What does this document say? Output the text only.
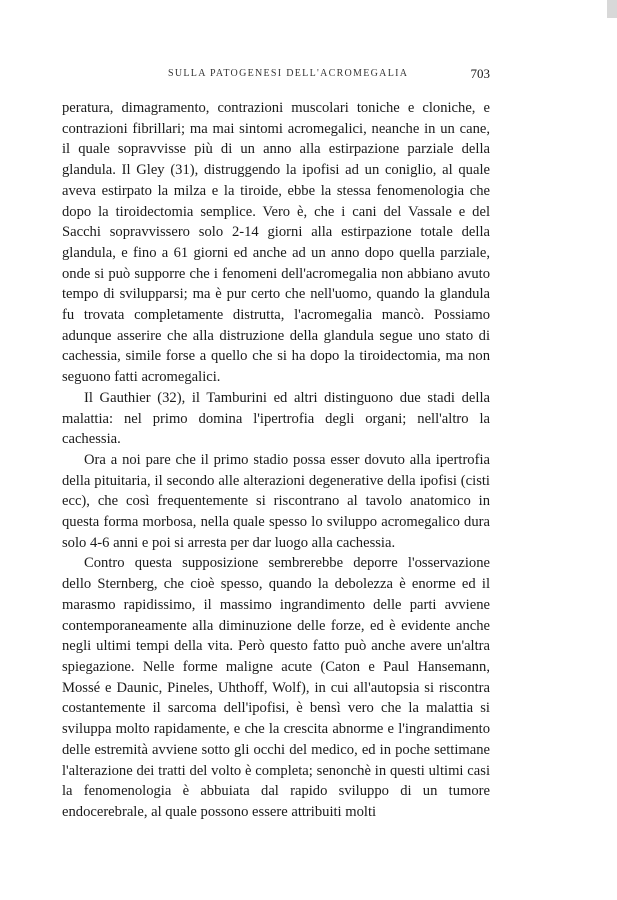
SULLA PATOGENESI DELL'ACROMEGALIA	703

peratura, dimagramento, contrazioni muscolari toniche e cloniche, e contrazioni fibrillari; ma mai sintomi acromegalici, neanche in un cane, il quale sopravvisse più di un anno alla estirpazione parziale della glandula. Il Gley (31), distruggendo la ipofisi ad un coniglio, al quale aveva estirpato la milza e la tiroide, ebbe la stessa fenomenologia che dopo la tiroidectomia semplice. Vero è, che i cani del Vassale e del Sacchi sopravvissero solo 2-14 giorni alla estirpazione totale della glandula, e fino a 61 giorni ed anche ad un anno dopo quella parziale, onde si può supporre che i fenomeni dell'acromegalia non abbiano avuto tempo di svilupparsi; ma è pur certo che nell'uomo, quando la glandula fu trovata completamente distrutta, l'acromegalia mancò. Possiamo adunque asserire che alla distruzione della glandula segue uno stato di cachessia, simile forse a quello che si ha dopo la tiroidectomia, ma non seguono fatti acromegalici.

Il Gauthier (32), il Tamburini ed altri distinguono due stadi della malattia: nel primo domina l'ipertrofia degli organi; nell'altro la cachessia.

Ora a noi pare che il primo stadio possa esser dovuto alla ipertrofia della pituitaria, il secondo alle alterazioni degenerative della ipofisi (cisti ecc), che così frequentemente si riscontrano al tavolo anatomico in questa forma morbosa, nella quale spesso lo sviluppo acromegalico dura solo 4-6 anni e poi si arresta per dar luogo alla cachessia.

Contro questa supposizione sembrerebbe deporre l'osservazione dello Sternberg, che cioè spesso, quando la debolezza è enorme ed il marasmo rapidissimo, il massimo ingrandimento delle parti avviene contemporaneamente alla diminuzione delle forze, ed è evidente anche negli ultimi tempi della vita. Però questo fatto può anche avere un'altra spiegazione. Nelle forme maligne acute (Caton e Paul Hansemann, Mossé e Daunic, Pineles, Uhthoff, Wolf), in cui all'autopsia si riscontra costantemente il sarcoma dell'ipofisi, è bensì vero che la malattia si sviluppa molto rapidamente, e che la crescita abnorme e l'ingrandimento delle estremità avviene sotto gli occhi del medico, ed in poche settimane l'alterazione dei tratti del volto è completa; senonchè in questi ultimi casi la fenomenologia è abbuiata dal rapido sviluppo di un tumore endocerebrale, al quale possono essere attribuiti molti
